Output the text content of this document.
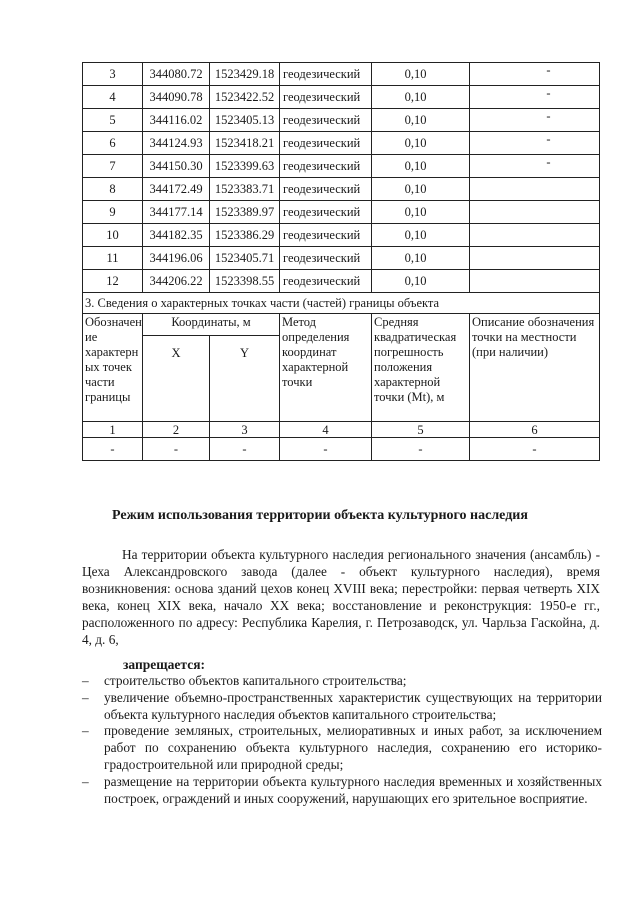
3	344080.72	1523429.18	геодезический	0,10	-
4	344090.78	1523422.52	геодезический	0,10	-
5	344116.02	1523405.13	геодезический	0,10	-
6	344124.93	1523418.21	геодезический	0,10	-
7	344150.30	1523399.63	геодезический	0,10	-
8	344172.49	1523383.71	геодезический	0,10	
9	344177.14	1523389.97	геодезический	0,10	
10	344182.35	1523386.29	геодезический	0,10	
11	344196.06	1523405.71	геодезический	0,10	
12	344206.22	1523398.55	геодезический	0,10	
3. Сведения о характерных точках части (частей) границы объекта					
Обозначен ие характерн ых точек части границы	Координаты, м		Метод определения координат характерной точки	Средняя квадратическая погрешность положения характерной точки (Mt), м	Описание обозначения точки на местности (при наличии)
	X	Y			
1	2	3	4	5	6
-	-	-	-	-	-
Режим использования территории объекта культурного наследия
На территории объекта культурного наследия регионального значения (ансамбль) - Цеха Александровского завода (далее - объект культурного наследия), время возникновения: основа зданий цехов конец XVIII века; перестройки: первая четверть XIX века, конец XIX века, начало XX века; восстановление и реконструкция: 1950-е гг., расположенного по адресу: Республика Карелия, г. Петрозаводск, ул. Чарльза Гаскойна, д. 4, д. 6,
запрещается:
– строительство объектов капитального строительства;
– увеличение объемно-пространственных характеристик существующих на территории объекта культурного наследия объектов капитального строительства;
– проведение земляных, строительных, мелиоративных и иных работ, за исключением работ по сохранению объекта культурного наследия, сохранению его историко-градостроительной или природной среды;
– размещение на территории объекта культурного наследия временных и хозяйственных построек, ограждений и иных сооружений, нарушающих его зрительное восприятие.
